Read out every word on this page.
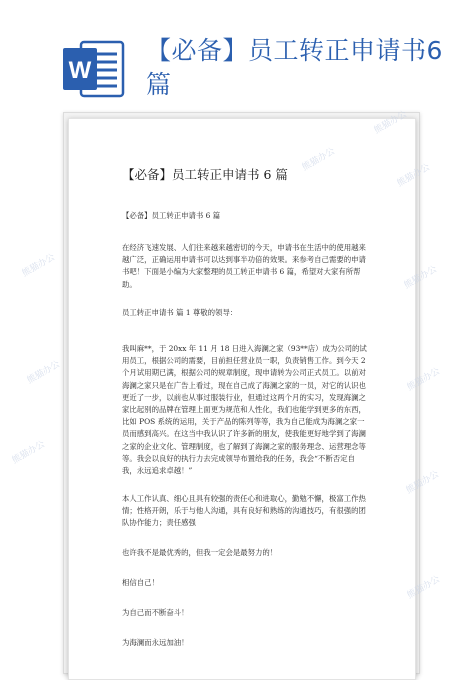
W
【必备】员工转正申请书6篇
【必备】员工转正申请书 6 篇
【必备】员工转正申请书 6 篇
在经济飞速发展、人们往来越来越密切的今天，申请书在生活中的使用越来越广泛，正确运用申请书可以达到事半功倍的效果。来参考自己需要的申请书吧！下面是小编为大家整理的员工转正申请书 6 篇，希望对大家有所帮助。
员工转正申请书 篇 1 尊敬的领导：
我叫麻**，于 20xx 年 11 月 18 日进入海澜之家（93**店）成为公司的试用员工，根据公司的需要，目前担任营业员一职，负责销售工作。到今天 2 个月试用期已满，根据公司的规章制度，现申请转为公司正式员工。以前对海澜之家只是在广告上看过，现在自己成了海澜之家的一员，对它的认识也更近了一步，以前也从事过服装行业，但通过这两个月的实习，发现海澜之家比起别的品牌在管理上面更为规范和人性化，我们也能学到更多的东西，比如 POS 系统的运用，关于产品的陈列等等，我为自己能成为海澜之家一员而感到高兴。在这当中我认识了许多新的朋友，使我能更好地学到了海澜之家的企业文化、管理制度，也了解到了海澜之家的服务理念、运营理念等等。我会以良好的执行力去完成领导布置给我的任务，我会“不断否定自我，永远追求卓越！”
本人工作认真、细心且具有较强的责任心和进取心，勤勉不懈，极富工作热情；性格开朗，乐于与他人沟通，具有良好和熟练的沟通技巧，有很强的团队协作能力；责任感强
也许我不是最优秀的，但我一定会是最努力的！
相信自己！
为自己而不断奋斗！
为海澜而永远加油！
熊猫办公
熊猫办公
熊猫办公
熊猫办公	熊猫办公
熊猫办公	熊猫办公
熊猫办公
熊猫办公
熊猫办公
